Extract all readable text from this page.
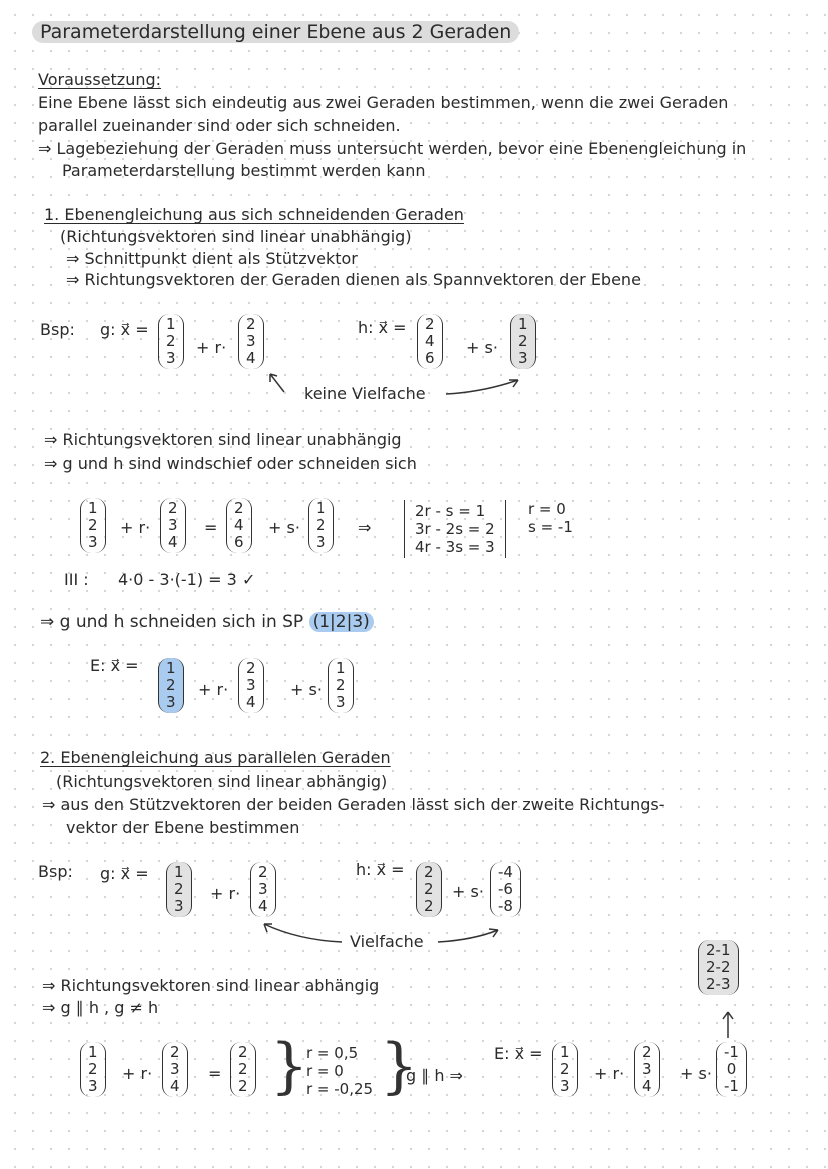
Parameterdarstellung einer Ebene aus 2 Geraden
Voraussetzung:
Eine Ebene lässt sich eindeutig aus zwei Geraden bestimmen, wenn die zwei Geraden
parallel zueinander sind oder sich schneiden.
⇒ Lagebeziehung der Geraden muss untersucht werden, bevor eine Ebenengleichung in
Parameterdarstellung bestimmt werden kann
1. Ebenengleichung aus sich schneidenden Geraden
(Richtungsvektoren sind linear unabhängig)
⇒ Schnittpunkt dient als Stützvektor
⇒ Richtungsvektoren der Geraden dienen als Spannvektoren der Ebene
Bsp: g: x⃗ = 1
2
3
+ r·
2
3
4
h: x⃗ = 2
4
6
+ s·
1
2
3
keine Vielfache
⇒ Richtungsvektoren sind linear unabhängig
⇒ g und h sind windschief oder schneiden sich
1
2
3
+ r·
2
3
4
=
2
4
6
+ s·
1
2
3
⇒
2r - s = 1
3r - 2s = 2
4r - 3s = 3
r = 0
s = -1
III : 4·0 - 3·(-1) = 3 ✓
⇒ g und h schneiden sich in SP (1|2|3)
E: x⃗ = 1
2
3
+ r·
2
3
4
+ s·
1
2
3
2. Ebenengleichung aus parallelen Geraden
(Richtungsvektoren sind linear abhängig)
⇒ aus den Stützvektoren der beiden Geraden lässt sich der zweite Richtungs-
vektor der Ebene bestimmen
Bsp: g: x⃗ = 1
2
3
+ r·
2
3
4
h: x⃗ = 2
2
2
+ s·
-4
-6
-8
Vielfache	2-1
2-2
2-3
⇒ Richtungsvektoren sind linear abhängig
⇒ g ∥ h , g ≠ h
1
2
3
+ r·
2
3
4
=
2
2
2 }
r = 0,5
r = 0
r = -0,25 }
g ∥ h ⇒
E: x⃗ = 1
2
3
+ r·
2
3
4
+ s·
-1
0
-1
